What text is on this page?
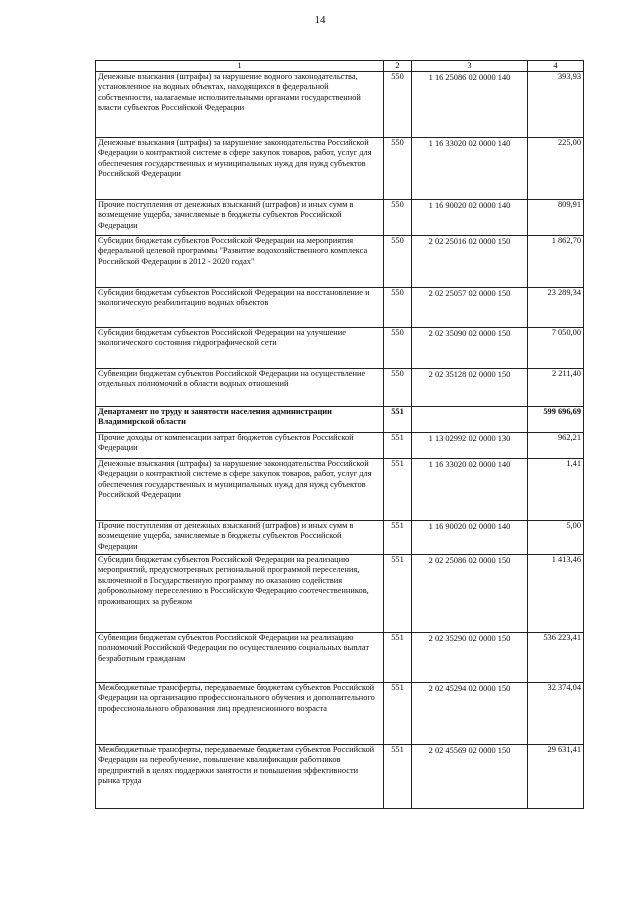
14
1	2	3	4
Денежные взыскания (штрафы) за нарушение водного законодательства, установленное на водных объектах, находящихся в федеральной собственности, налагаемые исполнительными органами государственной власти субъектов Российской Федерации	550	1 16 25086 02 0000 140	393,93
Денежные взыскания (штрафы) за нарушение законодательства Российской Федерации о контрактной системе в сфере закупок товаров, работ, услуг для обеспечения государственных и муниципальных нужд для нужд субъектов Российской Федерации	550	1 16 33020 02 0000 140	225,00
Прочие поступления от денежных взысканий (штрафов) и иных сумм в возмещение ущерба, зачисляемые в бюджеты субъектов Российской Федерации	550	1 16 90020 02 0000 140	809,91
Субсидии бюджетам субъектов Российской Федерации на мероприятия федеральной целевой программы "Развитие водохозяйственного комплекса Российской Федерации в 2012 - 2020 годах"	550	2 02 25016 02 0000 150	1 862,70
Субсидии бюджетам субъектов Российской Федерации на восстановление и экологическую реабилитацию водных объектов	550	2 02 25057 02 0000 150	23 289,34
Субсидии бюджетам субъектов Российской Федерации на улучшение экологического состояния гидрографической сети	550	2 02 35090 02 0000 150	7 050,00
Субвенции бюджетам субъектов Российской Федерации на осуществление отдельных полномочий в области водных отношений	550	2 02 35128 02 0000 150	2 211,40
Департамент по труду и занятости населения администрации Владимирской области	551		599 696,69
Прочие доходы от компенсации затрат бюджетов субъектов Российской Федерации	551	1 13 02992 02 0000 130	962,21
Денежные взыскания (штрафы) за нарушение законодательства Российской Федерации о контрактной системе в сфере закупок товаров, работ, услуг для обеспечения государственных и муниципальных нужд для нужд субъектов Российской Федерации	551	1 16 33020 02 0000 140	1,41
Прочие поступления от денежных взысканий (штрафов) и иных сумм в возмещение ущерба, зачисляемые в бюджеты субъектов Российской Федерации	551	1 16 90020 02 0000 140	5,00
Субсидии бюджетам субъектов Российской Федерации на реализацию мероприятий, предусмотренных региональной программой переселения, включенной в Государственную программу по оказанию содействия добровольному переселению в Российскую Федерацию соотечественников, проживающих за рубежом	551	2 02 25086 02 0000 150	1 413,46
Субвенции бюджетам субъектов Российской Федерации на реализацию полномочий Российской Федерации по осуществлению социальных выплат безработным гражданам	551	2 02 35290 02 0000 150	536 223,41
Межбюджетные трансферты, передаваемые бюджетам субъектов Российской Федерации на организацию профессионального обучения и дополнительного профессионального образования лиц предпенсионного возраста	551	2 02 45294 02 0000 150	32 374,04
Межбюджетные трансферты, передаваемые бюджетам субъектов Российской Федерации на переобучение, повышение квалификации работников предприятий в целях поддержки занятости и повышения эффективности рынка труда	551	2 02 45569 02 0000 150	29 631,41
